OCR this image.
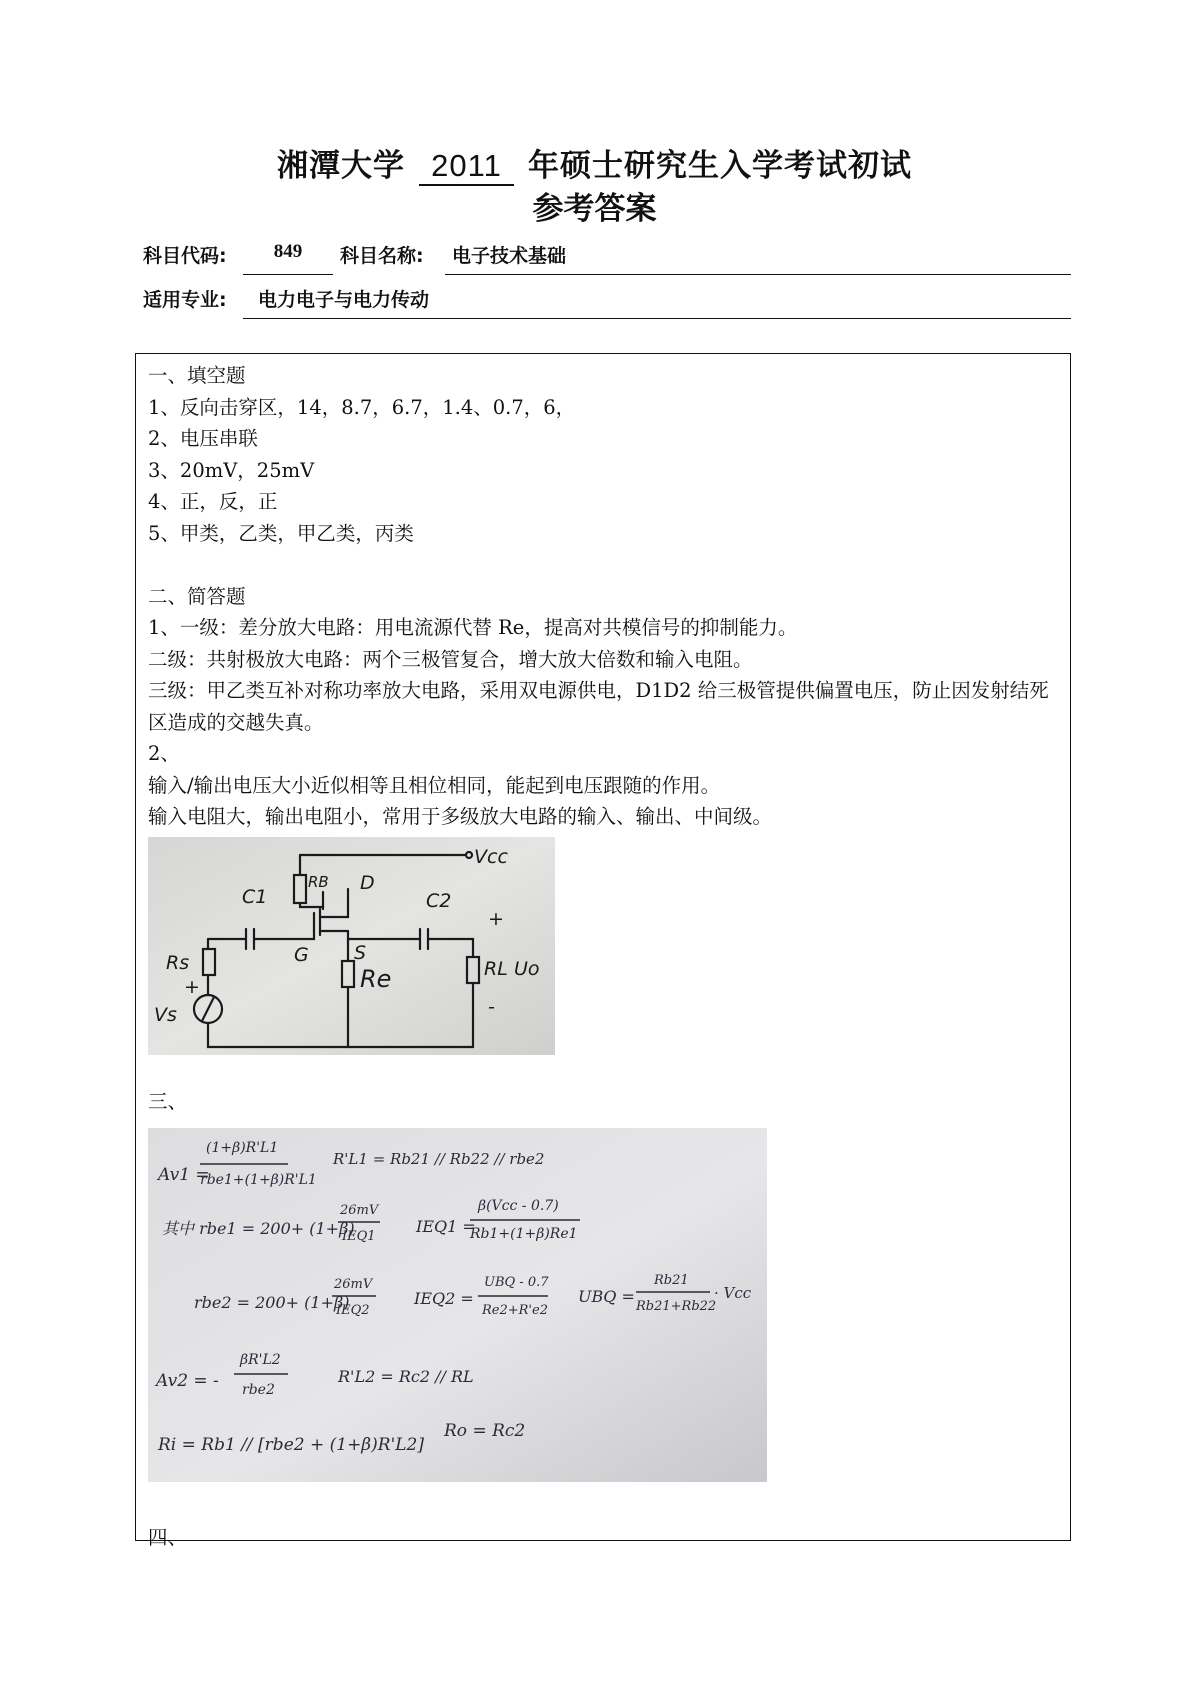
湘潭大学 2011 年硕士研究生入学考试初试
参考答案
科目代码:	849	科目名称: 电子技术基础
适用专业: 电力电子与电力传动

一、填空题

1、反向击穿区，14，8.7，6.7，1.4、0.7，6，

2、电压串联

3、20mV，25mV

4、正，反，正

5、甲类，乙类，甲乙类，丙类

二、简答题

1、一级：差分放大电路：用电流源代替 Re，提高对共模信号的抑制能力。

二级：共射极放大电路：两个三极管复合，增大放大倍数和输入电阻。

三级：甲乙类互补对称功率放大电路，采用双电源供电，D1D2 给三极管提供偏置电压，防止因发射结死区造成的交越失真。

2、

输入/输出电压大小近似相等且相位相同，能起到电压跟随的作用。

输入电阻大，输出电阻小，常用于多级放大电路的输入、输出、中间级。

Vcc
RB D
C1	C2
+
G S
Rs	RL Uo
+	Re
Vs	-

三、

Av1 =
(1+β)R'L1
rbe1+(1+β)R'L1
R'L1 = Rb21 // Rb22 // rbe2
其中 rbe1 = 200+ (1+β)
26mV
IEQ1
IEQ1 =
β(Vcc - 0.7)
Rb1+(1+β)Re1
rbe2 = 200+ (1+β)
26mV
IEQ2
IEQ2 =
UBQ - 0.7
Re2+R'e2
UBQ =
Rb21
Rb21+Rb22
· Vcc
Av2 = -
βR'L2
rbe2
R'L2 = Rc2 // RL
Ri = Rb1 // [rbe2 + (1+β)R'L2]
Ro = Rc2

四、
